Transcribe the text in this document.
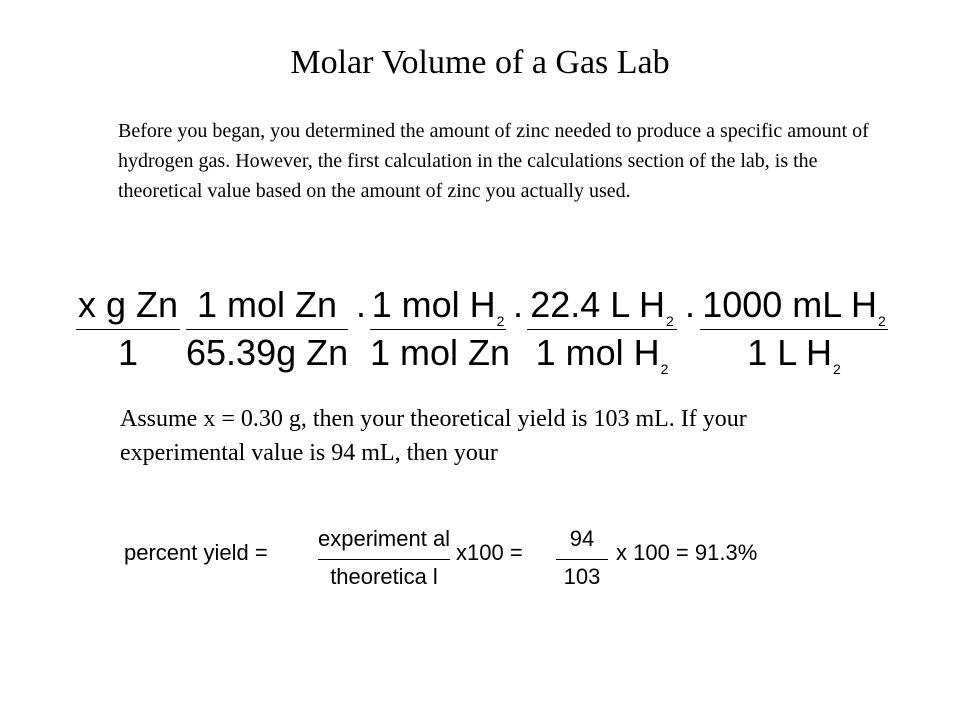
Molar Volume of a Gas Lab
Before you began, you determined the amount of zinc needed to produce a specific amount of hydrogen gas. However, the first calculation in the calculations section of the lab, is the theoretical value based on the amount of zinc you actually used.
x g Zn
1
1 mol Zn
65.39g Zn
· 1 mol $H_2$
1 mol Zn
· 22.4 L $H_2$
1 mol $H_2$
· 1000 mL $H_2$
1 L $H_2$
Assume x = 0.30 g, then your theoretical yield is 103 mL. If your experimental value is 94 mL, then your
percent yield =
experiment al
theoretica l
x100 =
94
103
x 100 = 91.3%
